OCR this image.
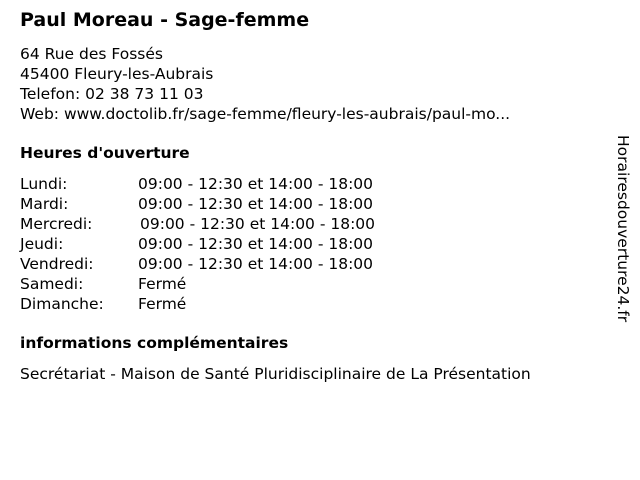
Paul Moreau - Sage-femme
64 Rue des Fossés
45400 Fleury-les-Aubrais
Telefon: 02 38 73 11 03
Web: www.doctolib.fr/sage-femme/fleury-les-aubrais/paul-mo...
Heures d'ouverture
Lundi:	09:00 - 12:30 et 14:00 - 18:00
Mardi:	09:00 - 12:30 et 14:00 - 18:00
Mercredi:	09:00 - 12:30 et 14:00 - 18:00
Jeudi:	09:00 - 12:30 et 14:00 - 18:00
Vendredi:	09:00 - 12:30 et 14:00 - 18:00
Samedi:	Fermé
Dimanche: Fermé
informations complémentaires
Secrétariat - Maison de Santé Pluridisciplinaire de La Présentation
Horairesdouverture24.fr
